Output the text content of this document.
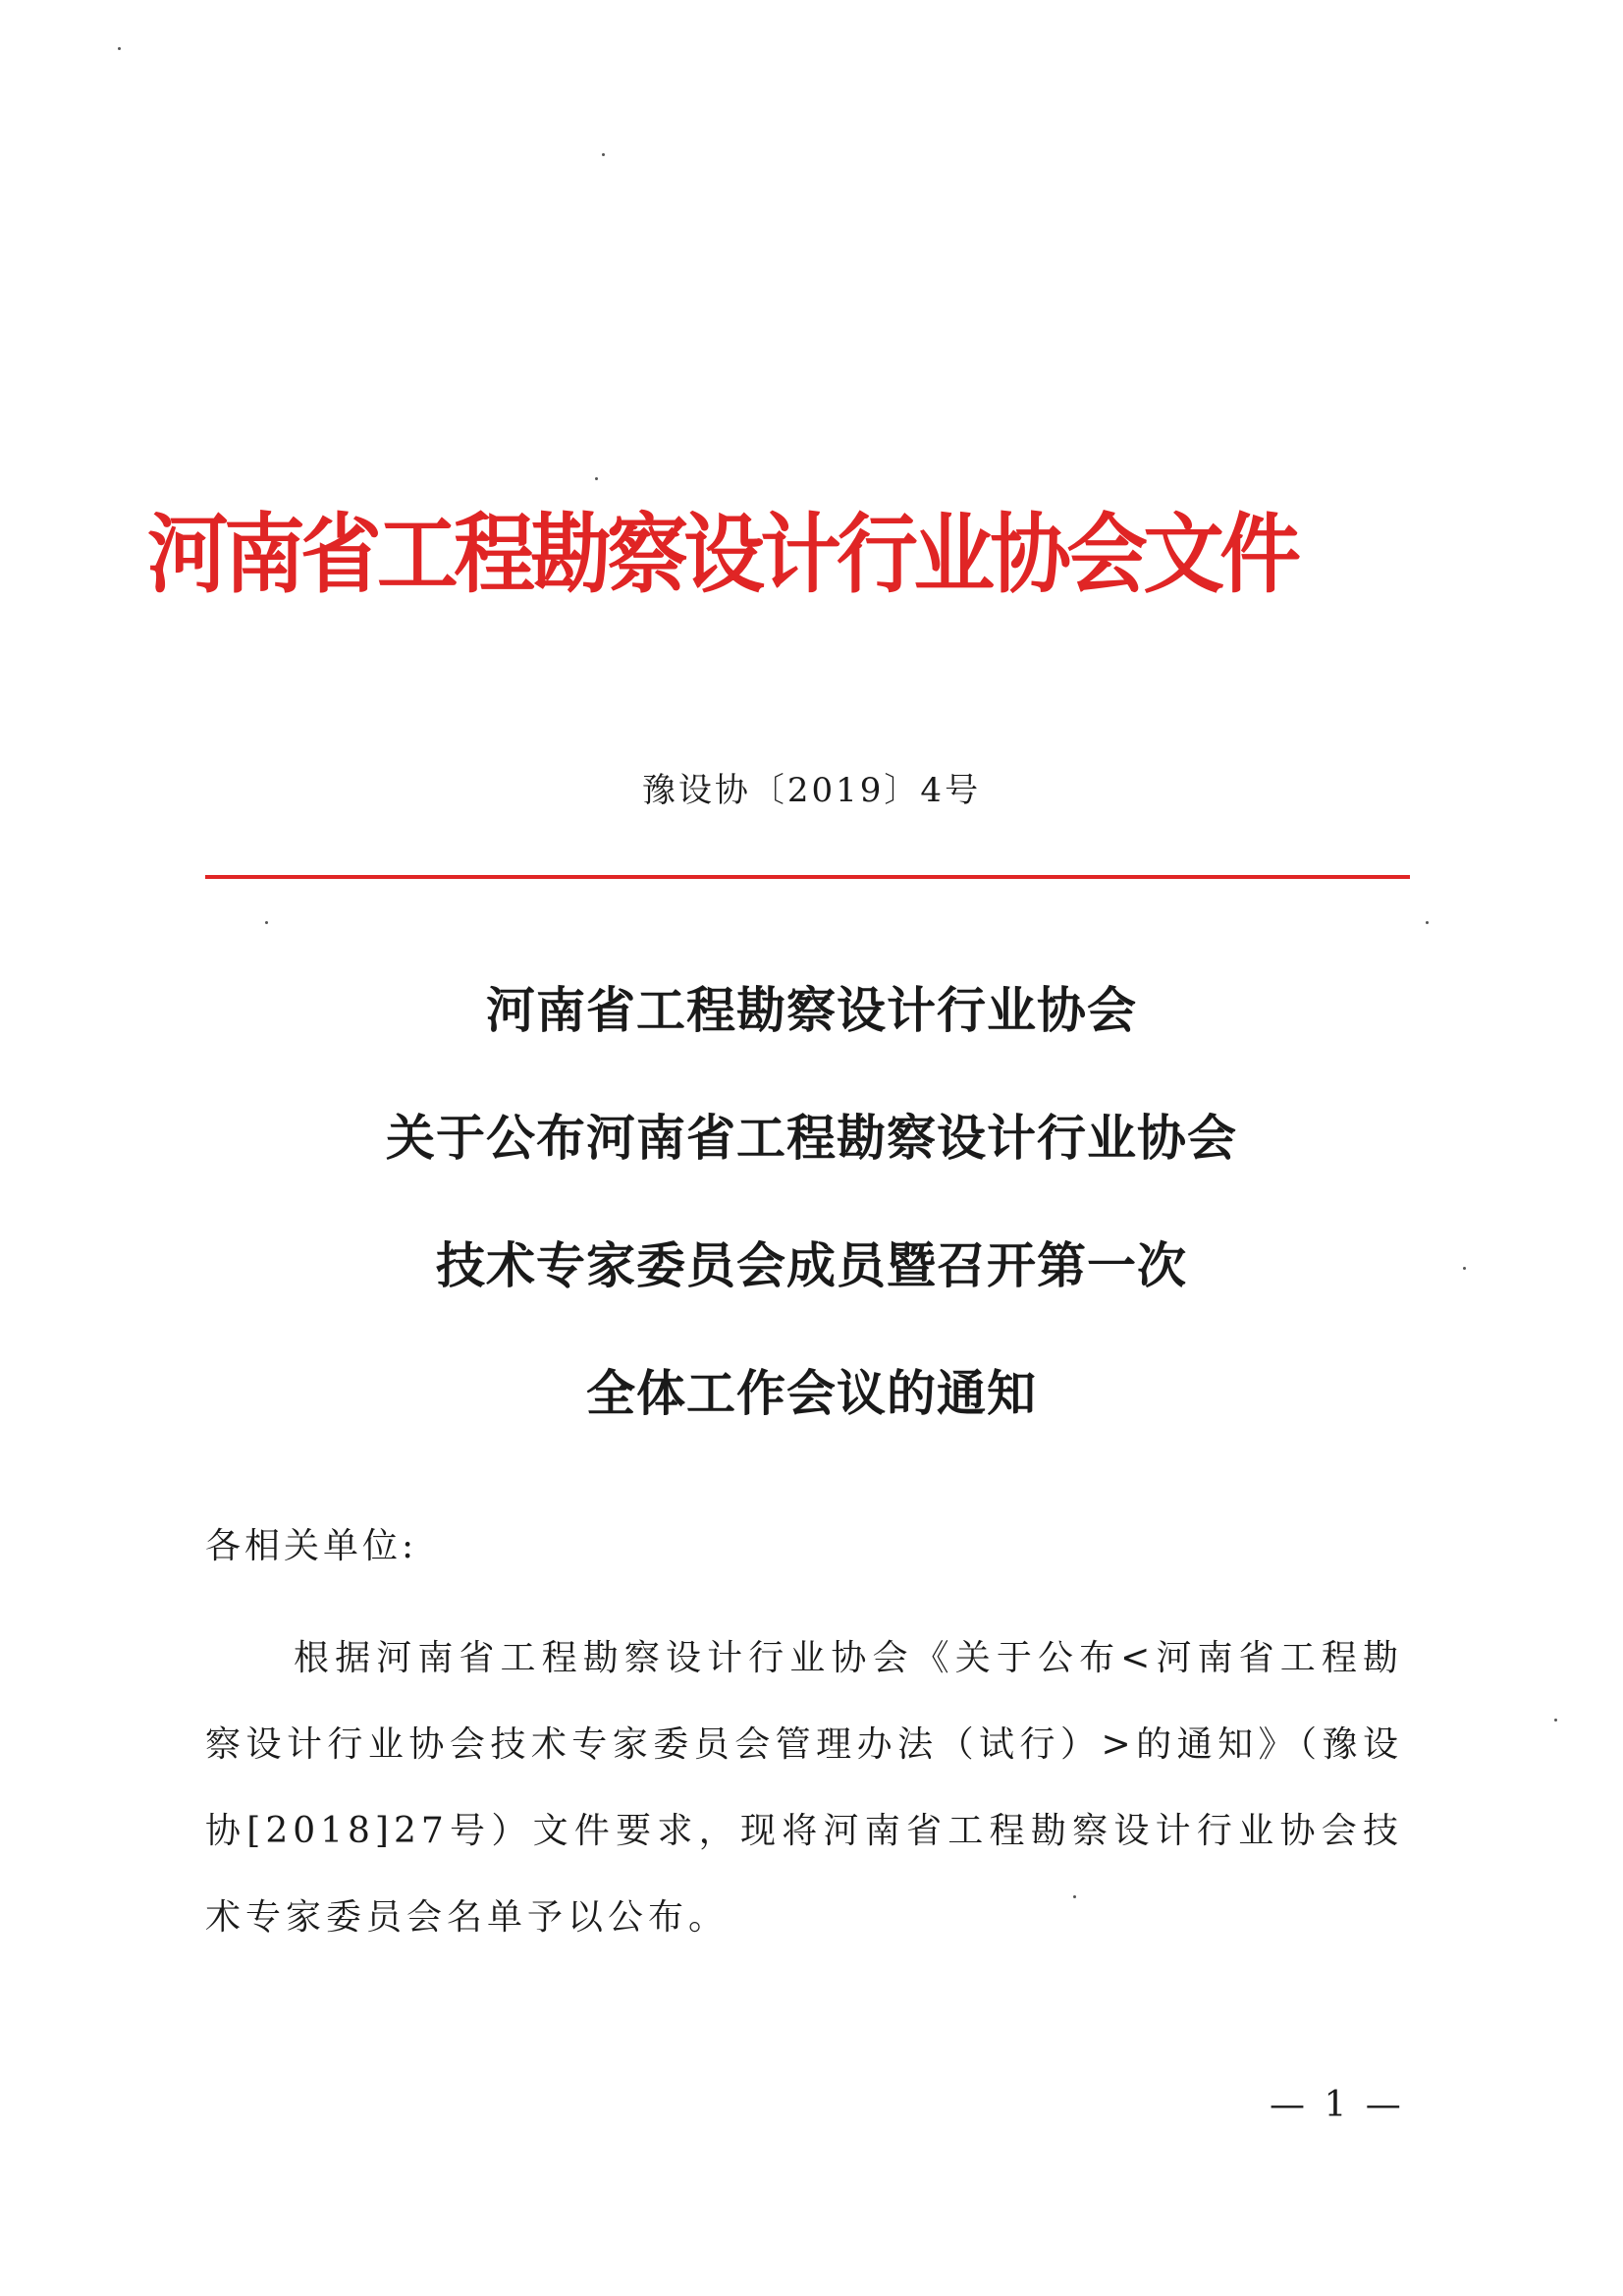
河南省工程勘察设计行业协会文件
豫设协〔2019〕4号
河南省工程勘察设计行业协会
关于公布河南省工程勘察设计行业协会
技术专家委员会成员暨召开第一次
全体工作会议的通知
各相关单位:

根据河南省工程勘察设计行业协会《关于公布<河南省工程勘察设计行业协会技术专家委员会管理办法（试行）>的通知》（豫设协[2018]27号）文件要求，现将河南省工程勘察设计行业协会技术专家委员会名单予以公布。

— 1 —
